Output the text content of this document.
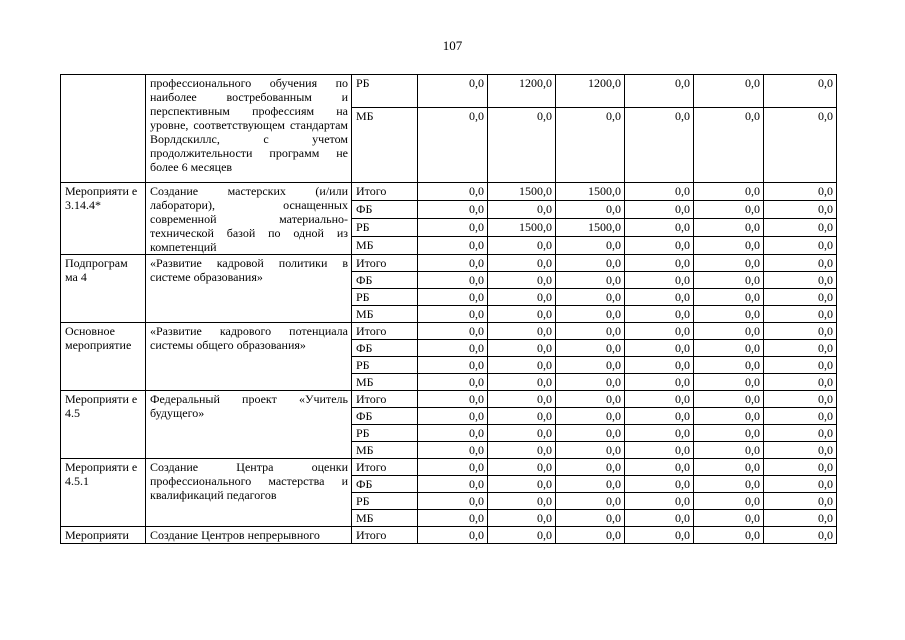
107
	профессионального обучения по наиболее востребованным и перспективным профессиям на уровне, соответствующем стандартам Ворлдскиллс, с учетом продолжительности программ не более 6 месяцев	РБ	0,0	1200,0	1200,0	0,0	0,0	0,0
		МБ	0,0	0,0	0,0	0,0	0,0	0,0
Мероприяти е 3.14.4*	Создание мастерских (и/или лаборатори), оснащенных современной материально-технической базой по одной из компетенций	Итого	0,0	1500,0	1500,0	0,0	0,0	0,0
		ФБ	0,0	0,0	0,0	0,0	0,0	0,0
		РБ	0,0	1500,0	1500,0	0,0	0,0	0,0
		МБ	0,0	0,0	0,0	0,0	0,0	0,0
Подпрограм ма 4	«Развитие кадровой политики в системе образования»	Итого	0,0	0,0	0,0	0,0	0,0	0,0
		ФБ	0,0	0,0	0,0	0,0	0,0	0,0
		РБ	0,0	0,0	0,0	0,0	0,0	0,0
		МБ	0,0	0,0	0,0	0,0	0,0	0,0
Основное мероприятие	«Развитие кадрового потенциала системы общего образования»	Итого	0,0	0,0	0,0	0,0	0,0	0,0
		ФБ	0,0	0,0	0,0	0,0	0,0	0,0
		РБ	0,0	0,0	0,0	0,0	0,0	0,0
		МБ	0,0	0,0	0,0	0,0	0,0	0,0
Мероприяти е 4.5	Федеральный проект «Учитель будущего»	Итого	0,0	0,0	0,0	0,0	0,0	0,0
		ФБ	0,0	0,0	0,0	0,0	0,0	0,0
		РБ	0,0	0,0	0,0	0,0	0,0	0,0
		МБ	0,0	0,0	0,0	0,0	0,0	0,0
Мероприяти е 4.5.1	Создание Центра оценки профессионального мастерства и квалификаций педагогов	Итого	0,0	0,0	0,0	0,0	0,0	0,0
		ФБ	0,0	0,0	0,0	0,0	0,0	0,0
		РБ	0,0	0,0	0,0	0,0	0,0	0,0
		МБ	0,0	0,0	0,0	0,0	0,0	0,0
Мероприяти	Создание Центров непрерывного	Итого	0,0	0,0	0,0	0,0	0,0	0,0
